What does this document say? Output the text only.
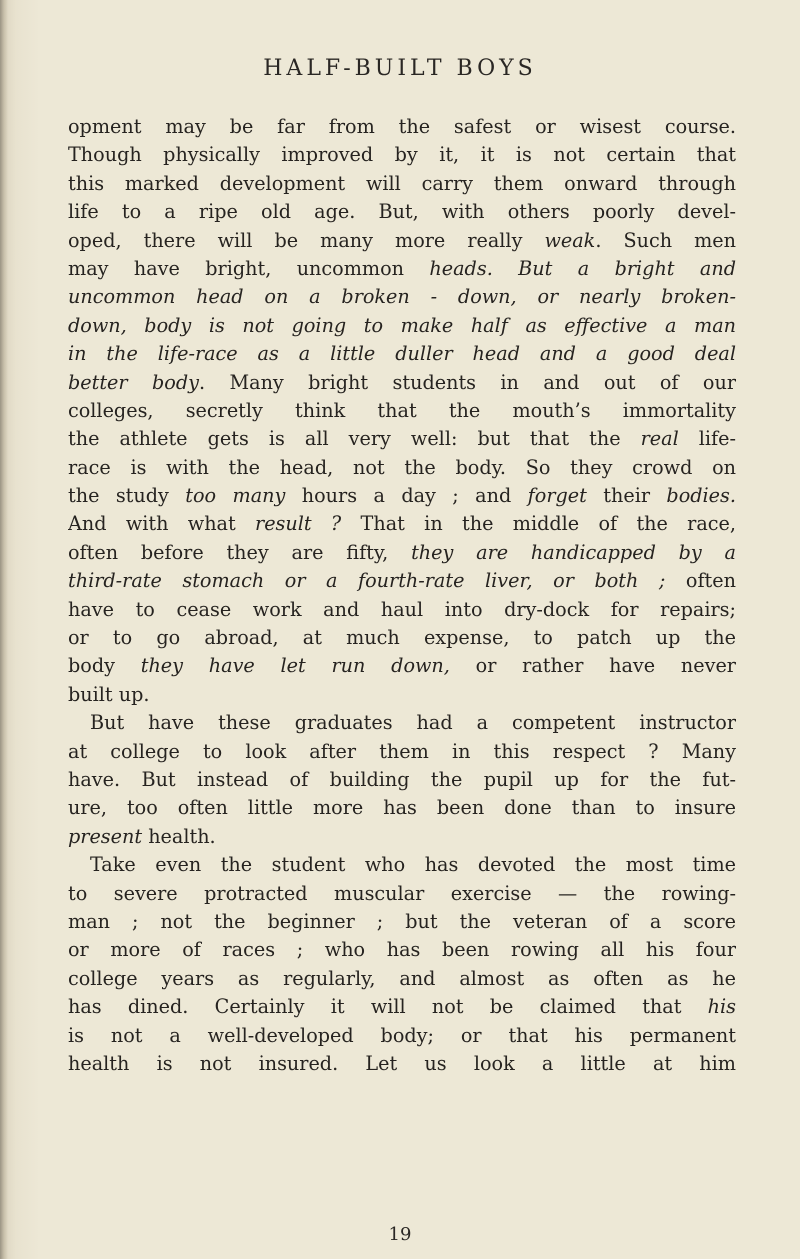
HALF-BUILT BOYS
opment may be far from the safest or wisest course.
Though physically improved by it, it is not certain that
this marked development will carry them onward through
life to a ripe old age. But, with others poorly devel-
oped, there will be many more really weak. Such men
may have bright, uncommon heads. But a bright and
uncommon head on a broken - down, or nearly broken-
down, body is not going to make half as effective a man
in the life-race as a little duller head and a good deal
better body. Many bright students in and out of our
colleges, secretly think that the mouth’s immortality
the athlete gets is all very well: but that the real life-
race is with the head, not the body. So they crowd on
the study too many hours a day ; and forget their bodies.
And with what result ? That in the middle of the race,
often before they are fifty, they are handicapped by a
third-rate stomach or a fourth-rate liver, or both ; often
have to cease work and haul into dry-dock for repairs;
or to go abroad, at much expense, to patch up the
body they have let run down, or rather have never
built up.
But have these graduates had a competent instructor
at college to look after them in this respect ? Many
have. But instead of building the pupil up for the fut-
ure, too often little more has been done than to insure
present health.
Take even the student who has devoted the most time
to severe protracted muscular exercise — the rowing-
man ; not the beginner ; but the veteran of a score
or more of races ; who has been rowing all his four
college years as regularly, and almost as often as he
has dined. Certainly it will not be claimed that his
is not a well-developed body; or that his permanent
health is not insured. Let us look a little at him
19
